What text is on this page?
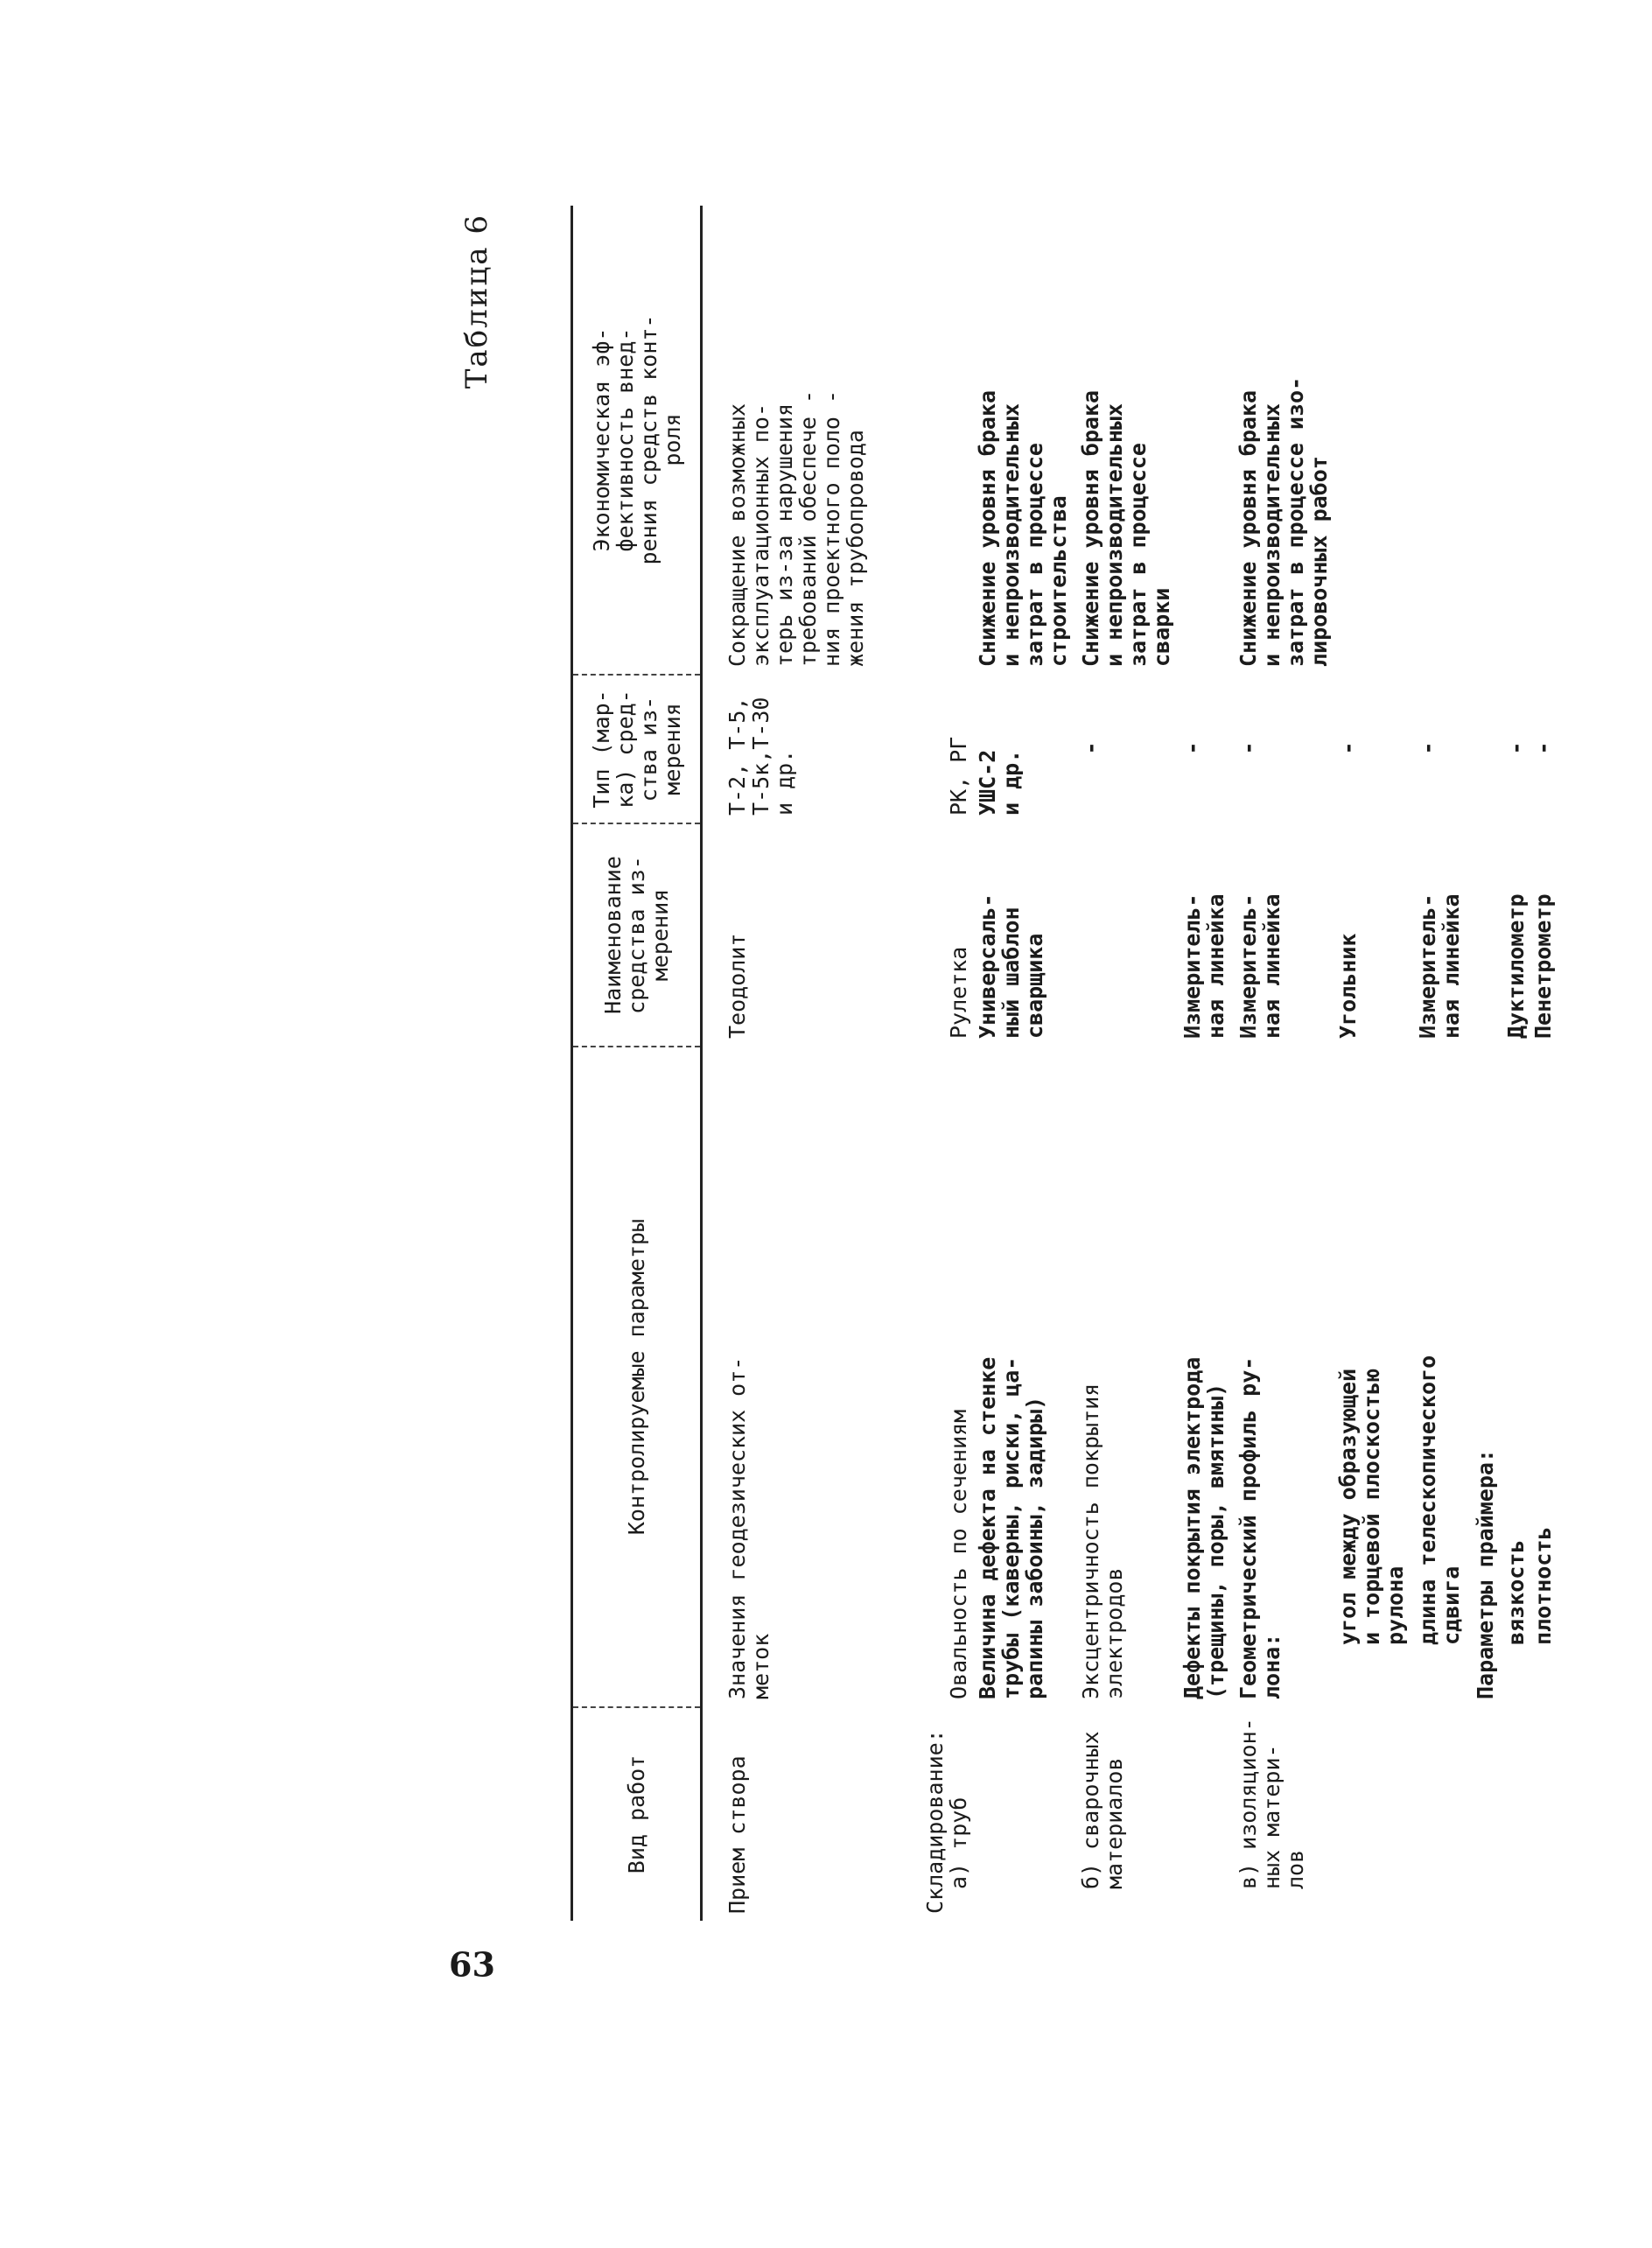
Таблица 6
63
Вид работ
Контролируемые параметры
Наименование
средства из-
мерения
Тип (мар-
ка) сред-
ства из-
мерения
Экономическая эф-
фективность внед-
рения средств конт-
роля
Прием створа
Значения геодезических от-
меток
Теодолит
Т-2, Т-5,
Т-5к,Т-30
и др.
Сокращение возможных
эксплуатационных по-
терь из-за нарушения
требований обеспече -
ния проектного поло -
жения трубопровода
Складирование:
а) труб
Овальность по сечениям
Рулетка
РК, РГ
Величина дефекта на стенке
трубы (каверны, риски, ца-
рапины забоины, задиры)
Универсаль-
ный шаблон
сварщика
УШС-2
и др.
Снижение уровня брака
и непроизводительных
затрат в процессе
строительства
б) сварочных
материалов
Эксцентричность покрытия
электродов
-
Снижение уровня брака
и непроизводительных
затрат в процессе
сварки
Дефекты покрытия электрода
(трещины, поры, вмятины)
Измеритель-
ная линейка
-
в) изоляцион-
ных матери-
лов
Геометрический профиль ру-
лона:
Измеритель-
ная линейка
-
Снижение уровня брака
и непроизводительных
затрат в процессе изо-
лировочных работ
угол между образующей
и торцевой плоскостью
рулона
Угольник
-
длина телескопического
сдвига
Измеритель-
ная линейка
-
Параметры праймера: вязкость
Дуктилометр
-
плотность
Пенетрометр
-
